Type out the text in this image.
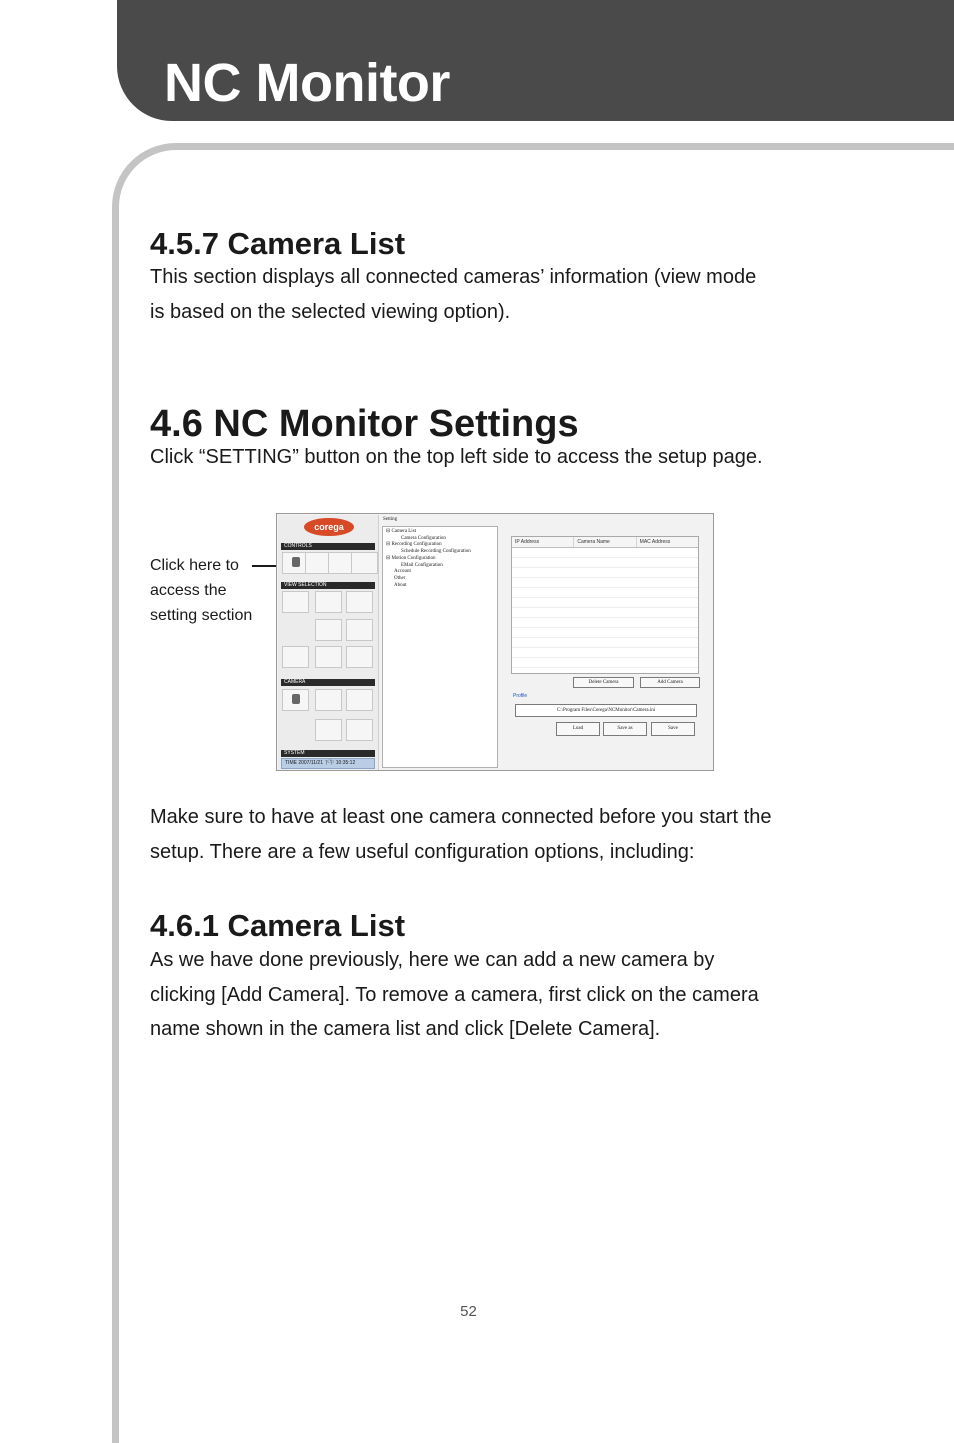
NC Monitor
4.5.7 Camera List

This section displays all connected cameras’ information (view mode
is based on the selected viewing option).

4.6 NC Monitor Settings

Click “SETTING” button on the top left side to access the setup page.

Click here to
access the
setting section

corega
CONTROLS
VIEW SELECTION
CAMERA
SYSTEM
TIME 2007/11/21 下午 10:35:12
Setting
⊟ Camera List
Camera Configuration
⊟ Recording Configuration
Schedule Recording Configuration
⊟ Motion Configuration
EMail Configuration
Account
Other
About
IP Address	Camera Name	MAC Address
Delete Camera	Add Camera
Profile
C:\Program Files\Corega\NCMonitor\Camera.ini
Load	Save as	Save

Make sure to have at least one camera connected before you start the
setup. There are a few useful configuration options, including:

4.6.1 Camera List

As we have done previously, here we can add a new camera by
clicking [Add Camera]. To remove a camera, first click on the camera
name shown in the camera list and click [Delete Camera].

52
